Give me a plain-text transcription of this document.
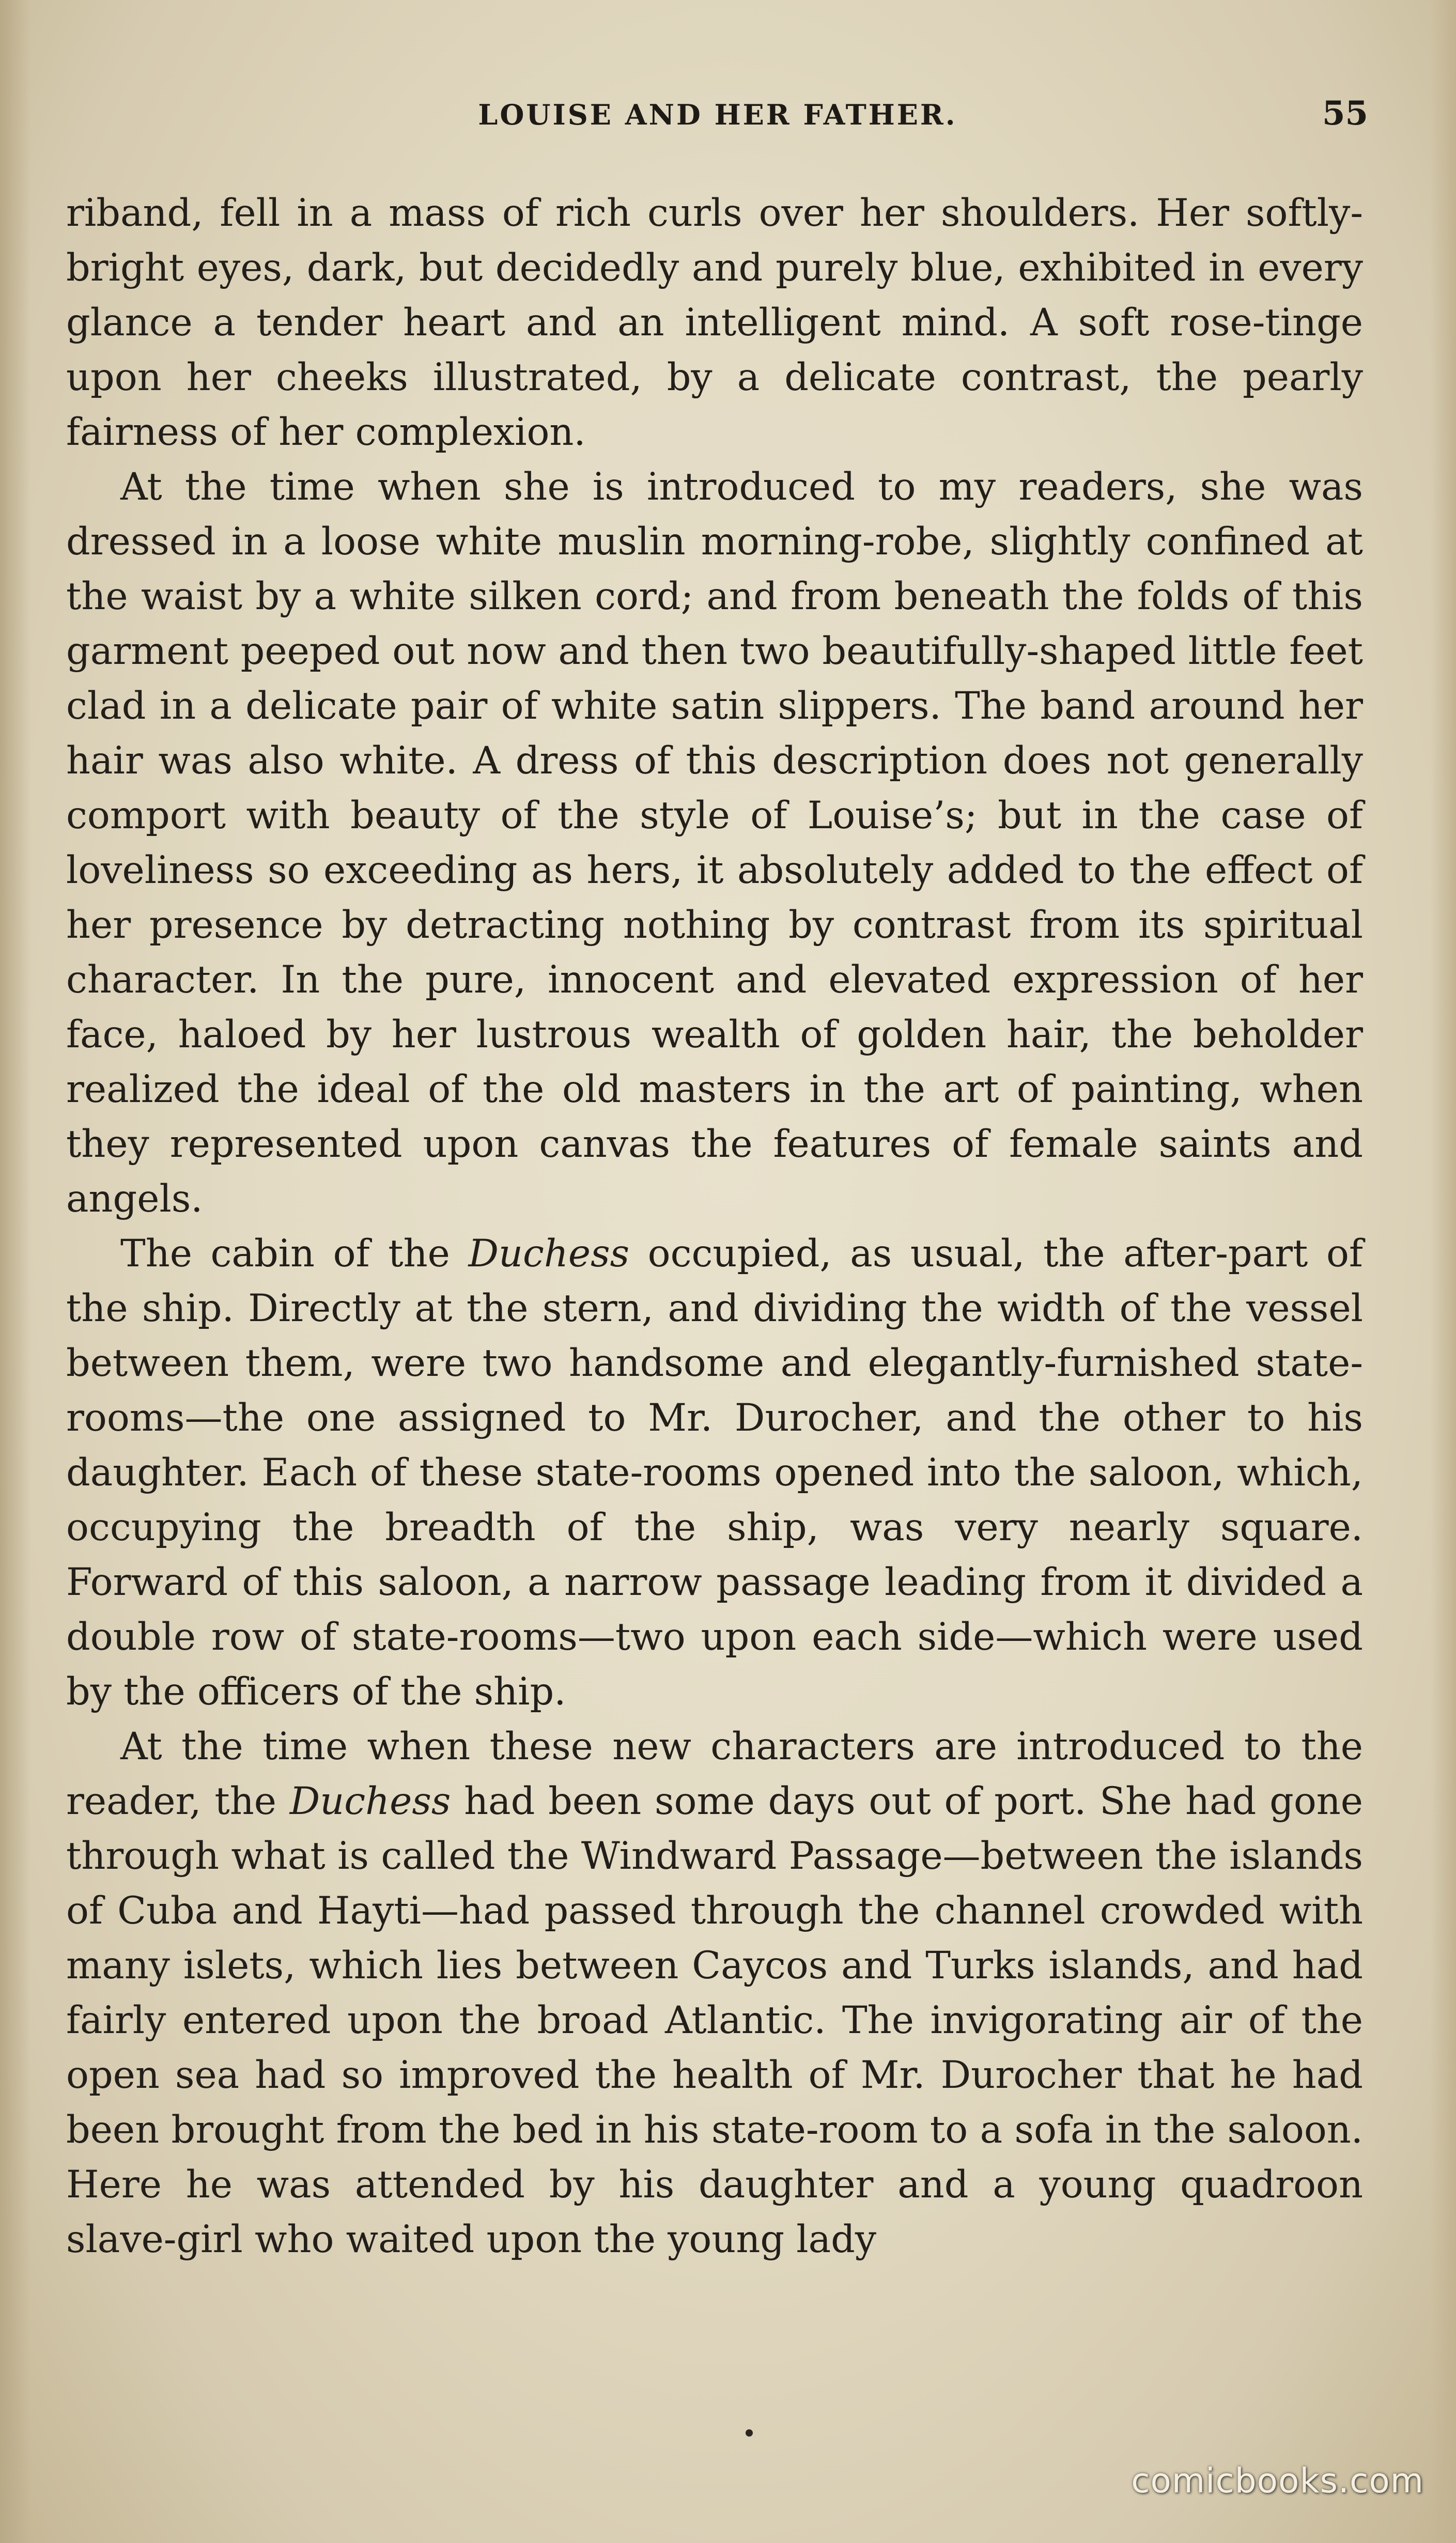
LOUISE AND HER FATHER.	55

riband, fell in a mass of rich curls over her shoulders. Her softly-bright eyes, dark, but decidedly and purely blue, exhibited in every glance a tender heart and an intelligent mind. A soft rose-tinge upon her cheeks illustrated, by a delicate contrast, the pearly fairness of her complexion.

At the time when she is introduced to my readers, she was dressed in a loose white muslin morning-robe, slightly confined at the waist by a white silken cord; and from beneath the folds of this garment peeped out now and then two beautifully-shaped little feet clad in a delicate pair of white satin slippers. The band around her hair was also white. A dress of this description does not generally comport with beauty of the style of Louise’s; but in the case of loveliness so exceeding as hers, it absolutely added to the effect of her presence by detracting nothing by contrast from its spiritual character. In the pure, innocent and elevated expression of her face, haloed by her lustrous wealth of golden hair, the beholder realized the ideal of the old masters in the art of painting, when they represented upon canvas the features of female saints and angels.

The cabin of the Duchess occupied, as usual, the after-part of the ship. Directly at the stern, and dividing the width of the vessel between them, were two handsome and elegantly-furnished state-rooms—the one assigned to Mr. Durocher, and the other to his daughter. Each of these state-rooms opened into the saloon, which, occupying the breadth of the ship, was very nearly square. Forward of this saloon, a narrow passage leading from it divided a double row of state-rooms—two upon each side—which were used by the officers of the ship.

At the time when these new characters are introduced to the reader, the Duchess had been some days out of port. She had gone through what is called the Windward Passage—between the islands of Cuba and Hayti—had passed through the channel crowded with many islets, which lies between Caycos and Turks islands, and had fairly entered upon the broad Atlantic. The invigorating air of the open sea had so improved the health of Mr. Durocher that he had been brought from the bed in his state-room to a sofa in the saloon. Here he was attended by his daughter and a young quadroon slave-girl who waited upon the young lady

comicbooks.com
